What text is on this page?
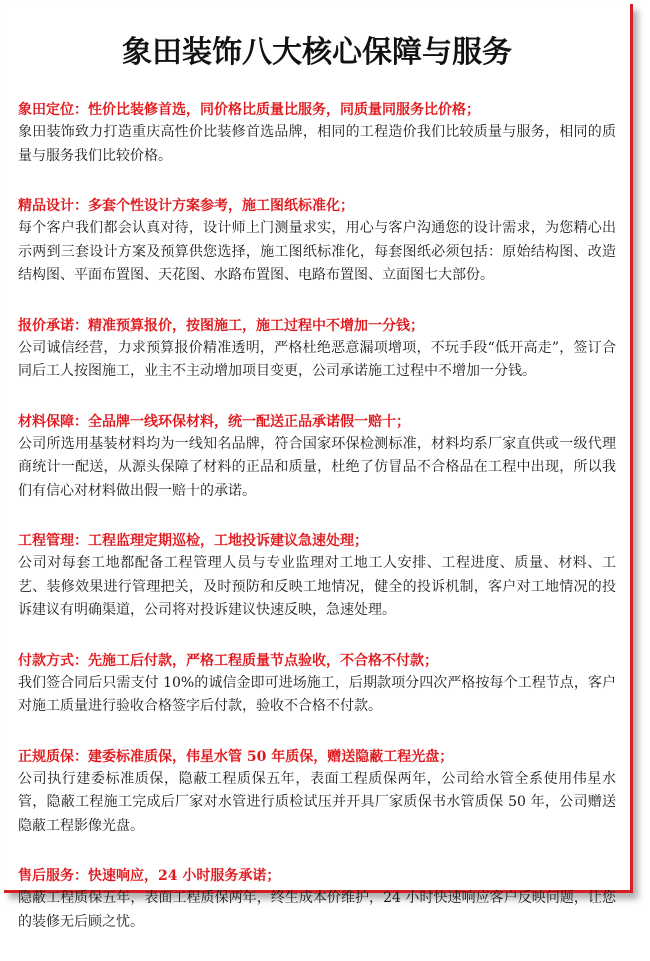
象田装饰八大核心保障与服务

象田定位：性价比装修首选，同价格比质量比服务，同质量同服务比价格；

象田装饰致力打造重庆高性价比装修首选品牌，相同的工程造价我们比较质量与服务，相同的质量与服务我们比较价格。

精品设计：多套个性设计方案参考，施工图纸标准化；

每个客户我们都会认真对待，设计师上门测量求实，用心与客户沟通您的设计需求，为您精心出示两到三套设计方案及预算供您选择，施工图纸标准化，每套图纸必须包括：原始结构图、改造结构图、平面布置图、天花图、水路布置图、电路布置图、立面图七大部份。

报价承诺：精准预算报价，按图施工，施工过程中不增加一分钱；

公司诚信经营，力求预算报价精准透明，严格杜绝恶意漏项增项，不玩手段“低开高走”，签订合同后工人按图施工，业主不主动增加项目变更，公司承诺施工过程中不增加一分钱。

材料保障：全品牌一线环保材料，统一配送正品承诺假一赔十；

公司所选用基装材料均为一线知名品牌，符合国家环保检测标准，材料均系厂家直供或一级代理商统计一配送，从源头保障了材料的正品和质量，杜绝了仿冒品不合格品在工程中出现，所以我们有信心对材料做出假一赔十的承诺。

工程管理：工程监理定期巡检，工地投诉建议急速处理；

公司对每套工地都配备工程管理人员与专业监理对工地工人安排、工程进度、质量、材料、工艺、装修效果进行管理把关，及时预防和反映工地情况，健全的投诉机制，客户对工地情况的投诉建议有明确渠道，公司将对投诉建议快速反映，急速处理。

付款方式：先施工后付款，严格工程质量节点验收，不合格不付款；

我们签合同后只需支付 10%的诚信金即可进场施工，后期款项分四次严格按每个工程节点，客户对施工质量进行验收合格签字后付款，验收不合格不付款。

正规质保：建委标准质保，伟星水管 50 年质保，赠送隐蔽工程光盘；

公司执行建委标准质保，隐蔽工程质保五年，表面工程质保两年，公司给水管全系使用伟星水管，隐蔽工程施工完成后厂家对水管进行质检试压并开具厂家质保书水管质保 50 年，公司赠送隐蔽工程影像光盘。

售后服务：快速响应，24 小时服务承诺；

隐蔽工程质保五年，表面工程质保两年，终生成本价维护，24 小时快速响应客户反映问题，让您的装修无后顾之忧。
